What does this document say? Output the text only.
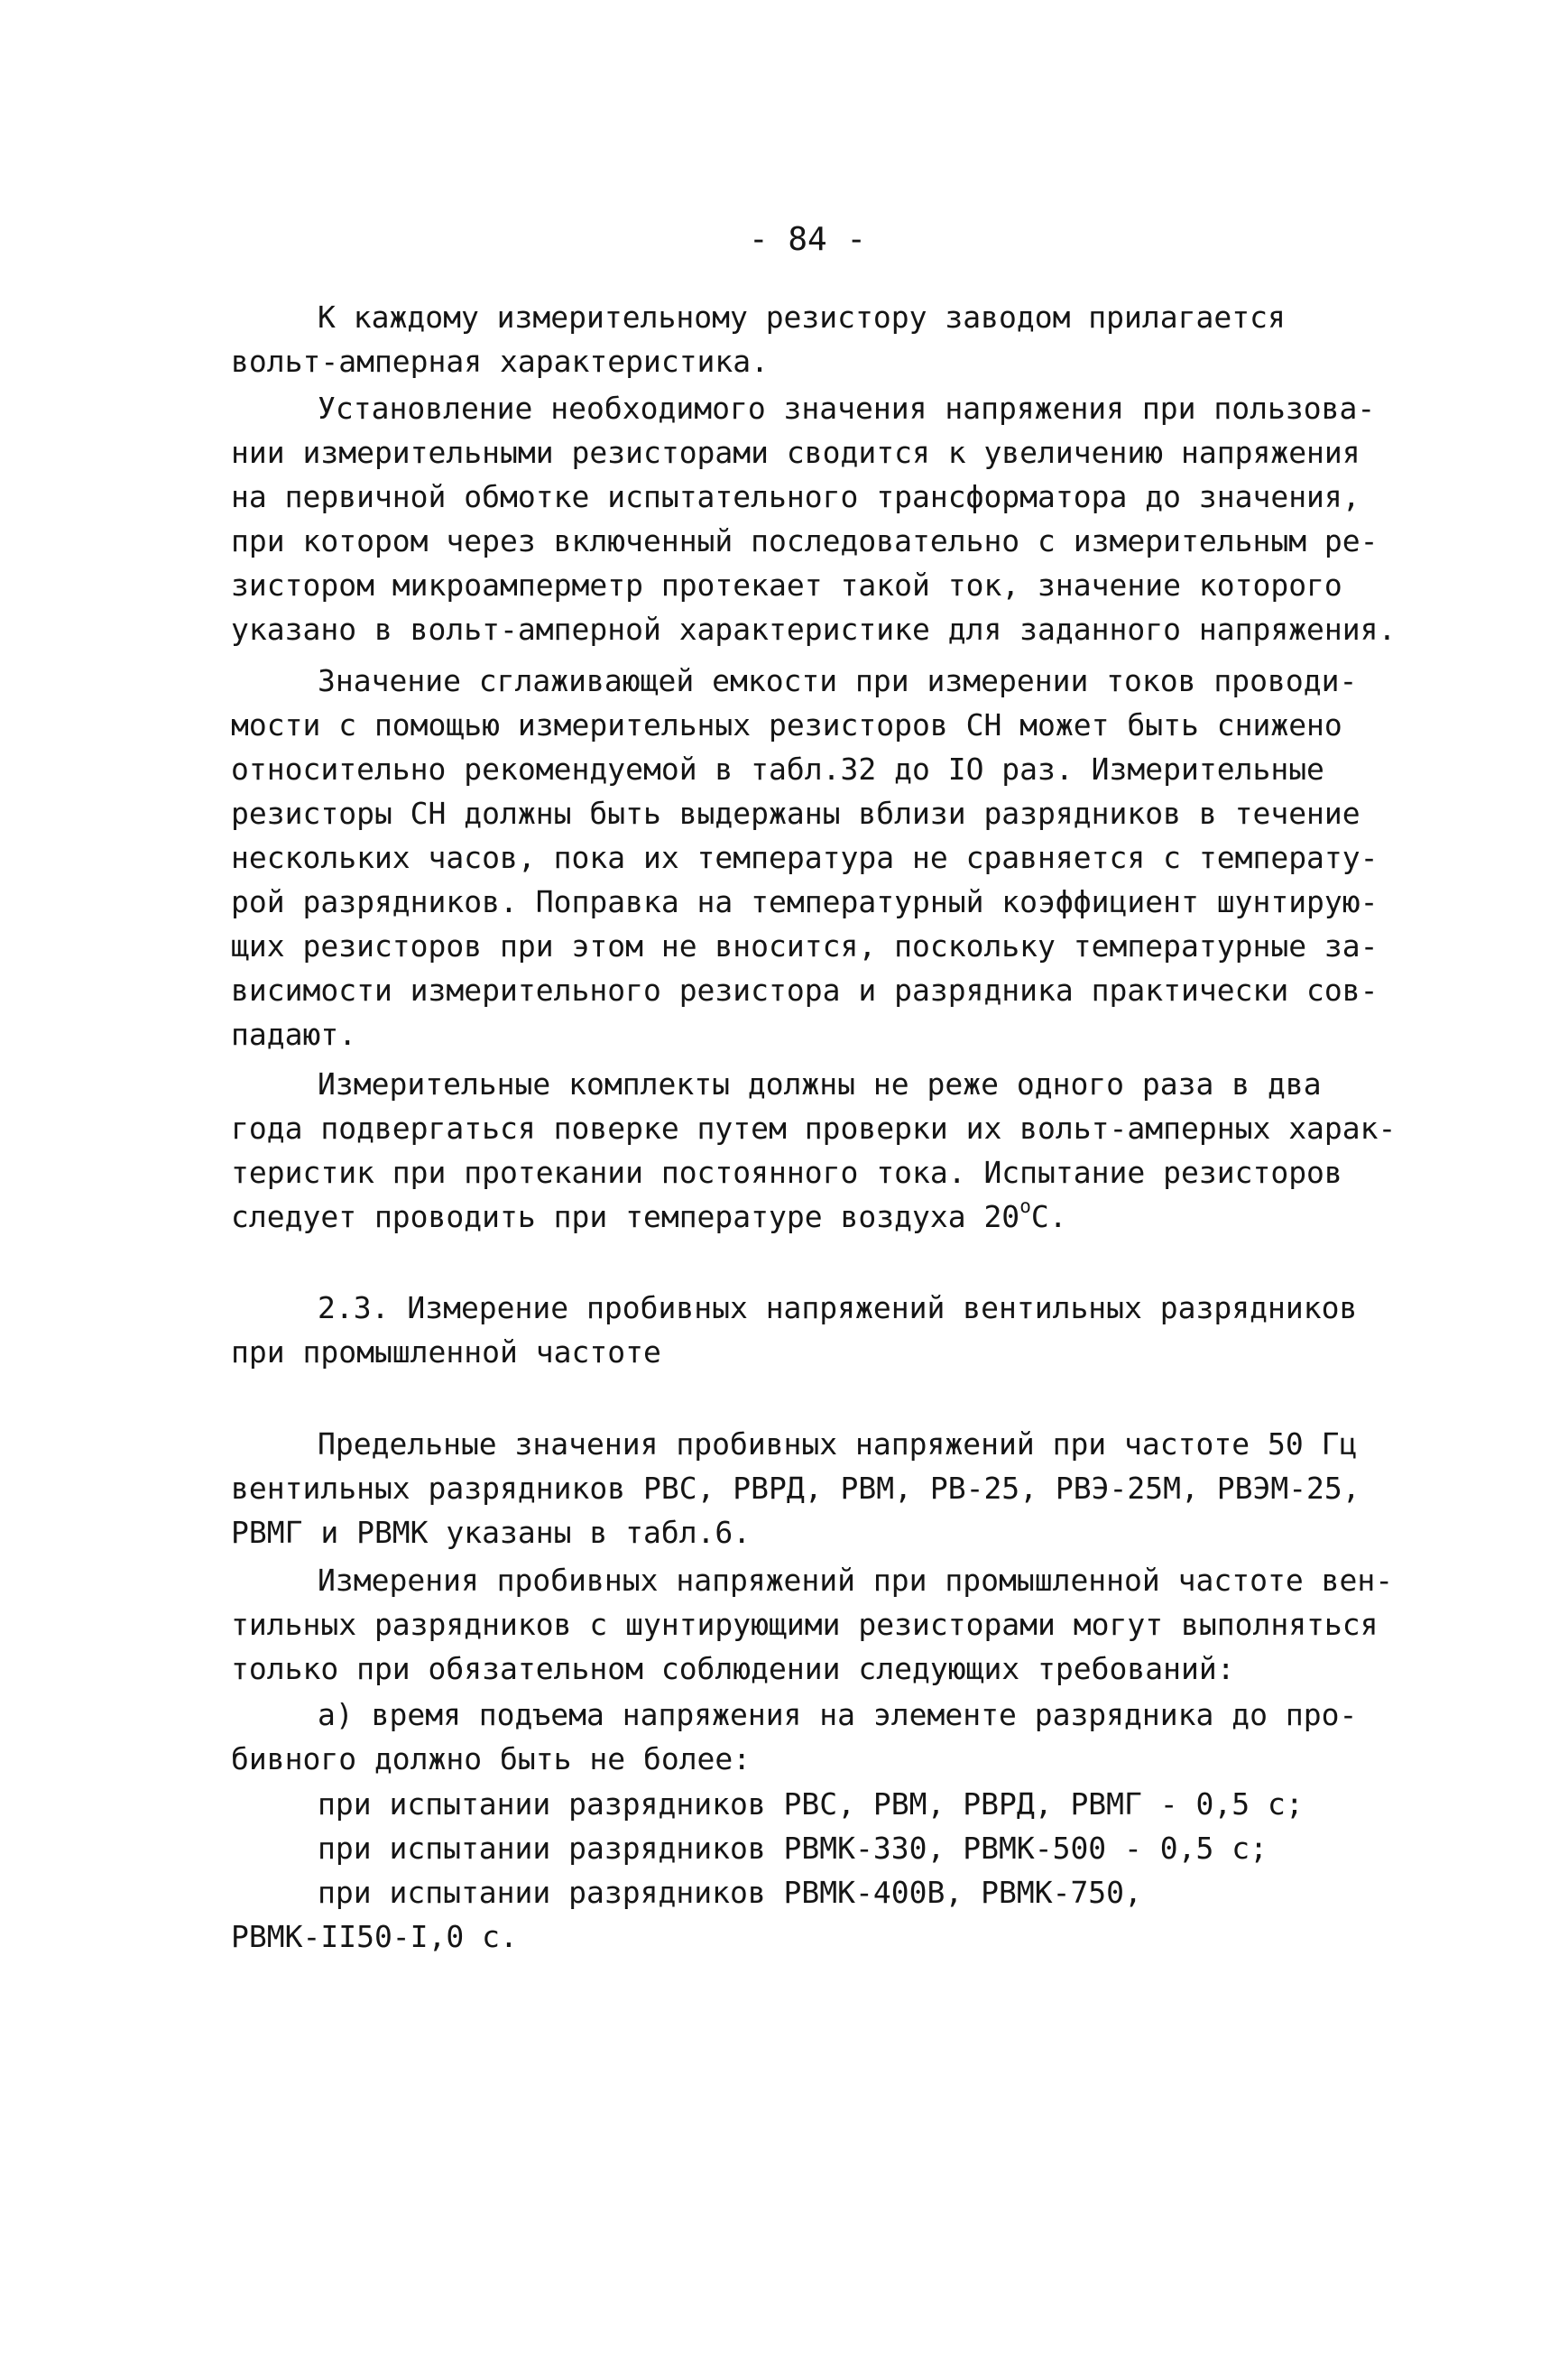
- 84 -
К каждому измерительному резистору заводом прилагается
вольт-амперная характеристика.
Установление необходимого значения напряжения при пользова-
нии измерительными резисторами сводится к увеличению напряжения
на первичной обмотке испытательного трансформатора до значения,
при котором через включенный последовательно с измерительным ре-
зистором микроамперметр протекает такой ток, значение которого
указано в вольт-амперной характеристике для заданного напряжения.
Значение сглаживающей емкости при измерении токов проводи-
мости с помощью измерительных резисторов СН может быть снижено
относительно рекомендуемой в табл.32 до IO раз. Измерительные
резисторы СН должны быть выдержаны вблизи разрядников в течение
нескольких часов, пока их температура не сравняется с температу-
рой разрядников. Поправка на температурный коэффициент шунтирую-
щих резисторов при этом не вносится, поскольку температурные за-
висимости измерительного резистора и разрядника практически сов-
падают.
Измерительные комплекты должны не реже одного раза в два
года подвергаться поверке путем проверки их вольт-амперных харак-
теристик при протекании постоянного тока. Испытание резисторов
следует проводить при температуре воздуха $20^оС$.
2.3. Измерение пробивных напряжений вентильных разрядников
при промышленной частоте
Предельные значения пробивных напряжений при частоте 50 Гц
вентильных разрядников РВС, РВРД, РВМ, РВ-25, РВЭ-25М, РВЭМ-25,
РВМГ и РВМК указаны в табл.6.
Измерения пробивных напряжений при промышленной частоте вен-
тильных разрядников с шунтирующими резисторами могут выполняться
только при обязательном соблюдении следующих требований:
а) время подъема напряжения на элементе разрядника до про-
бивного должно быть не более:
при испытании разрядников РВС, РВМ, РВРД, РВМГ - 0,5 с;
при испытании разрядников РВМК-330, РВМК-500 - 0,5 с;
при испытании разрядников РВМК-400В, РВМК-750,
РВМК-II50-I,0 с.
